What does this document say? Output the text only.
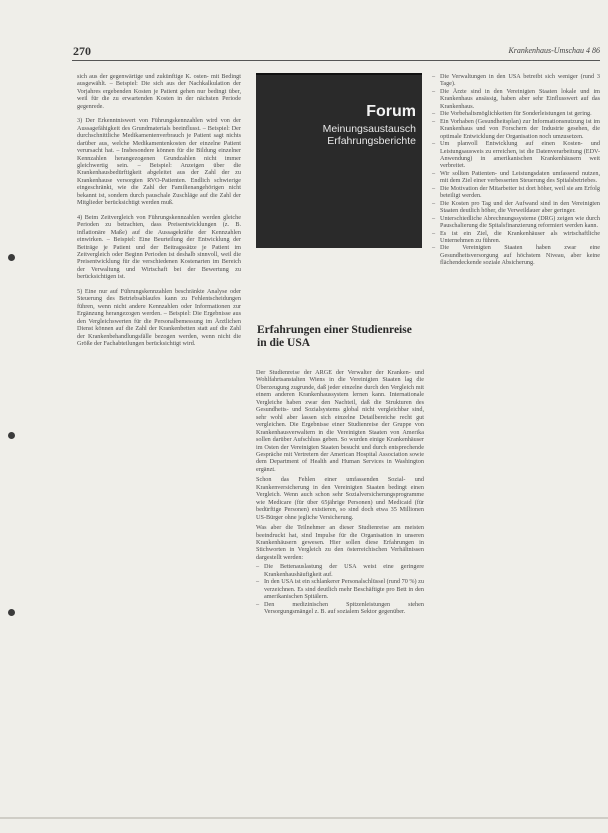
270	Krankenhaus-Umschau 4 86

sich aus der gegenwärtige und zukünftige K. osten- mit Bedingt ausgewählt. – Beispiel: Die sich aus der Nachkalkulation der Vorjahres ergebenden Kosten je Patient gehen nur bedingt über, weil für die zu erwartenden Kosten in der nächsten Periode gegenrede.

3) Der Erkenntniswert von Führungskennzahlen wird von der Aussagefähigkeit des Grundmaterials beeinflusst. – Beispiel: Der durchschnittliche Medikamentenverbrauch je Patient sagt nichts darüber aus, welche Medikamentenkosten der einzelne Patient verursacht hat. – Insbesondere können für die Bildung einzelner Kennzahlen herangezogenen Grundzahlen nicht immer gleichwertig sein. – Beispiel: Anzeigen über die Krankenhausbedürftigkeit abgeleitet aus der Zahl der zu Krankenhause versorgten RVO-Patienten. Endlich schwierige eingeschränkt, wie die Zahl der Familienangehörigen nicht bekannt ist, sondern durch pauschale Zuschläge auf die Zahl der Mitglieder berücksichtigt werden muß.

4) Beim Zeitvergleich von Führungskennzahlen werden gleiche Perioden zu betrachten, dass Preisentwicklungen (z. B. inflationäre Maße) auf die Aussagekräfte der Kennzahlen einwirken. – Beispiel: Eine Beurteilung der Entwicklung der Beiträge je Patient und der Beitragssätze je Patient im Zeitvergleich oder Beginn Perioden ist deshalb sinnvoll, weil die Preisentwicklung für die verschiedenen Kostenarten im Bereich der Verwaltung und Wirtschaft bei der Bewertung zu berücksichtigen ist.

5) Eine nur auf Führungskennzahlen beschränkte Analyse oder Steuerung des Betriebsablaufes kann zu Fehlentscheidungen führen, wenn nicht andere Kennzahlen oder Informationen zur Ergänzung herangezogen werden. – Beispiel: Die Ergebnisse aus den Vergleichswerten für die Personalbemessung im Ärztlichen Dienst können auf die Zahl der Krankenbetten statt auf die Zahl der Krankenbehandlungsfälle bezogen werden, wenn nicht die Größe der Fachabteilungen berücksichtigt wird.

Forum
Meinungsaustausch
Erfahrungsberichte
Erfahrungen einer Studienreise in die USA

Der Studienreise der ARGE der Verwalter der Kranken- und Wohlfahrtsanstalten Wiens in die Vereinigten Staaten lag die Überzeugung zugrunde, daß jeder einzelne durch den Vergleich mit einem anderen Krankenhaussystem lernen kann. Internationale Vergleiche haben zwar den Nachteil, daß die Strukturen des Gesundheits- und Sozialsystems global nicht vergleichbar sind, sehr wohl aber lassen sich einzelne Detailbereiche recht gut vergleichen. Die Ergebnisse einer Studienreise der Gruppe von Krankenhausverwaltern in die Vereinigten Staaten von Amerika sollen darüber Aufschluss geben. So wurden einige Krankenhäuser im Osten der Vereinigten Staaten besucht und durch entsprechende Gespräche mit Vertretern der American Hospital Association sowie dem Department of Health and Human Services in Washington ergänzt.

Schon das Fehlen einer umfassenden Sozial- und Krankenversicherung in den Vereinigten Staaten bedingt einen Vergleich. Wenn auch schon sehr Sozialversicherungsprogramme wie Medicare (für über 65jährige Personen) und Medicaid (für bedürftige Personen) existieren, so sind doch etwa 35 Millionen US-Bürger ohne jegliche Versicherung.

Was aber die Teilnehmer an dieser Studienreise am meisten beeindruckt hat, sind Impulse für die Organisation in unseren Krankenhäusern gewesen. Hier sollen diese Erfahrungen in Stichworten in Vergleich zu den österreichischen Verhältnissen dargestellt werden:

– Die Bettenauslastung der USA weist eine geringere Krankenhaushäufigkeit auf.
– In den USA ist ein schlankerer Personalschlüssel (rund 70 %) zu verzeichnen. Es sind deutlich mehr Beschäftigte pro Bett in den amerikanischen Spitälern.
– Den medizinischen Spitzenleistungen stehen Versorgungsmängel z. B. auf sozialem Sektor gegenüber.
– Die Verwaltungen in den USA betreibt sich weniger (rund 3 Tage).
– Die Ärzte sind in den Vereinigten Staaten lokale und im Krankenhaus ansässig, haben aber sehr Einflusswert auf das Krankenhaus.
– Die Vorbehaltsmöglichkeiten für Sonderleistungen ist gering.
– Ein Vorhaben (Gesundheitsplan) zur Informationsnutzung ist im Krankenhaus und von Forschern der Industrie gesehen, die optimale Entwicklung der Organisation noch umzusetzen.
– Um planvoll Entwicklung auf einen Kosten- und Leistungsausweis zu erreichen, ist die Datenverarbeitung (EDV-Anwendung) in amerikanischen Krankenhäusern weit verbreitet.
– Wir sollten Patienten- und Leistungsdaten umfassend nutzen, mit dem Ziel einer verbesserten Steuerung des Spitalsbetriebes.
– Die Motivation der Mitarbeiter ist dort höher, weil sie am Erfolg beteiligt werden.
– Die Kosten pro Tag und der Aufwand sind in den Vereinigten Staaten deutlich höher, die Verweildauer aber geringer.
– Unterschiedliche Abrechnungssysteme (DRG) zeigen wie durch Pauschalierung die Spitalsfinanzierung reformiert werden kann.
– Es ist ein Ziel, die Krankenhäuser als wirtschaftliche Unternehmen zu führen.
– Die Vereinigten Staaten haben zwar eine Gesundheitsversorgung auf höchstem Niveau, aber keine flächendeckende soziale Absicherung.
